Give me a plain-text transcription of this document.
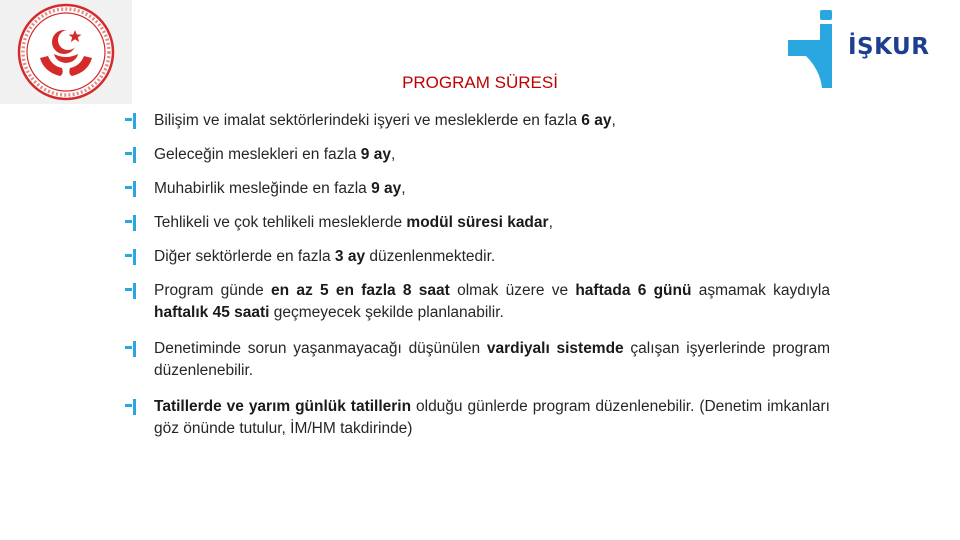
İŞKUR
PROGRAM SÜRESİ
Bilişim ve imalat sektörlerindeki işyeri ve mesleklerde en fazla 6 ay,
Geleceğin meslekleri en fazla 9 ay,
Muhabirlik mesleğinde en fazla 9 ay,
Tehlikeli ve çok tehlikeli mesleklerde modül süresi kadar,
Diğer sektörlerde en fazla 3 ay düzenlenmektedir.
Program günde en az 5 en fazla 8 saat olmak üzere ve haftada 6 günü aşmamak kaydıyla haftalık 45 saati geçmeyecek şekilde planlanabilir.
Denetiminde sorun yaşanmayacağı düşünülen vardiyalı sistemde çalışan işyerlerinde program düzenlenebilir.
Tatillerde ve yarım günlük tatillerin olduğu günlerde program düzenlenebilir. (Denetim imkanları göz önünde tutulur, İM/HM takdirinde)
